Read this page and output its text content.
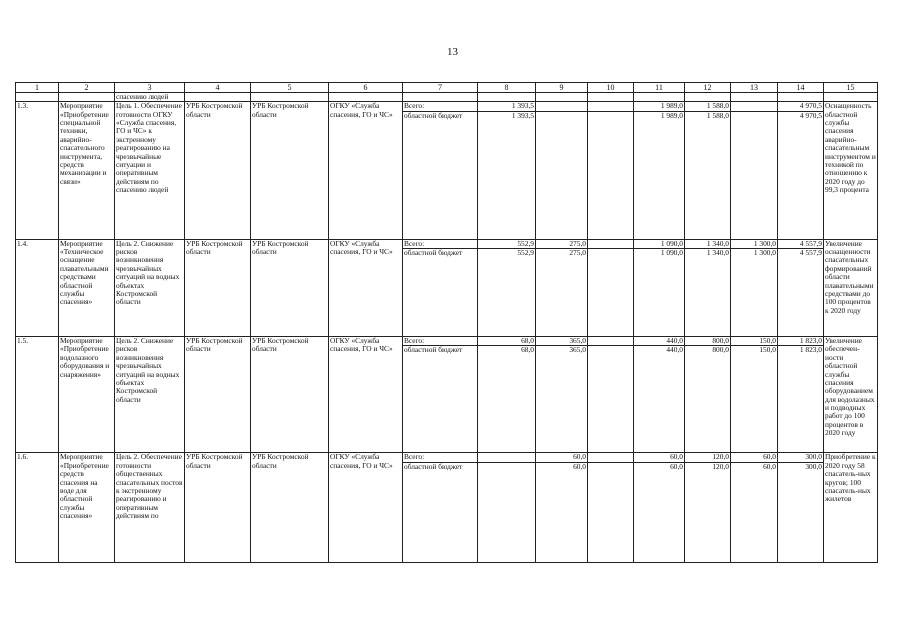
13
1	2	3	4	5	6	7	8	9	10	11	12	13	14	15
		спасению людей												
1.3.	Мероприятие «Приобретение специальной техники, аварийно-спасательного инструмента, средств механизации и связи»	Цель 1. Обеспечение готовности ОГКУ «Служба спасения, ГО и ЧС» к экстренному реагированию на чрезвычайные ситуации и оперативным действиям по спасению людей	УРБ Костромской области	УРБ Костромской области	ОГКУ «Служба спасения, ГО и ЧС»	Всего:	1 393,5			1 989,0	1 588,0		4 970,5	Оснащенность областной службы спасения аварийно-спасательным инструментом и техникой по отношению к 2020 году до 99,3 процента
						областной бюджет	1 393,5			1 989,0	1 588,0		4 970,5	
1.4.	Мероприятие «Техническое оснащение плавательными средствами областной службы спасения»	Цель 2. Снижение рисков возникновения чрезвычайных ситуаций на водных объектах Костромской области	УРБ Костромской области	УРБ Костромской области	ОГКУ «Служба спасения, ГО и ЧС»	Всего:	552,9	275,0		1 090,0	1 340,0	1 300,0	4 557,9	Увеличение оснащенности спасательных формирований области плавательными средствами до 100 процентов к 2020 году
						областной бюджет	552,9	275,0		1 090,0	1 340,0	1 300,0	4 557,9	
1.5.	Мероприятие «Приобретение водолазного оборудования и снаряжения»	Цель 2. Снижение рисков возникновения чрезвычайных ситуаций на водных объектах Костромской области	УРБ Костромской области	УРБ Костромской области	ОГКУ «Служба спасения, ГО и ЧС»	Всего:	68,0	365,0		440,0	800,0	150,0	1 823,0	Увеличение обеспечен-ности областной службы спасения оборудованием для водолазных и подводных работ до 100 процентов в 2020 году
						областной бюджет	68,0	365,0		440,0	800,0	150,0	1 823,0	
1.6.	Мероприятие «Приобретение средств спасения на воде для областной службы спасения»	Цель 2. Обеспечение готовности общественных спасательных постов к экстренному реагированию и оперативным действиям по	УРБ Костромской области	УРБ Костромской области	ОГКУ «Служба спасения, ГО и ЧС»	Всего:		60,0		60,0	120,0	60,0	300,0	Приобретение к 2020 году 58 спасатель-ных кругов; 100 спасатель-ных жилетов
						областной бюджет		60,0		60,0	120,0	60,0	300,0	
